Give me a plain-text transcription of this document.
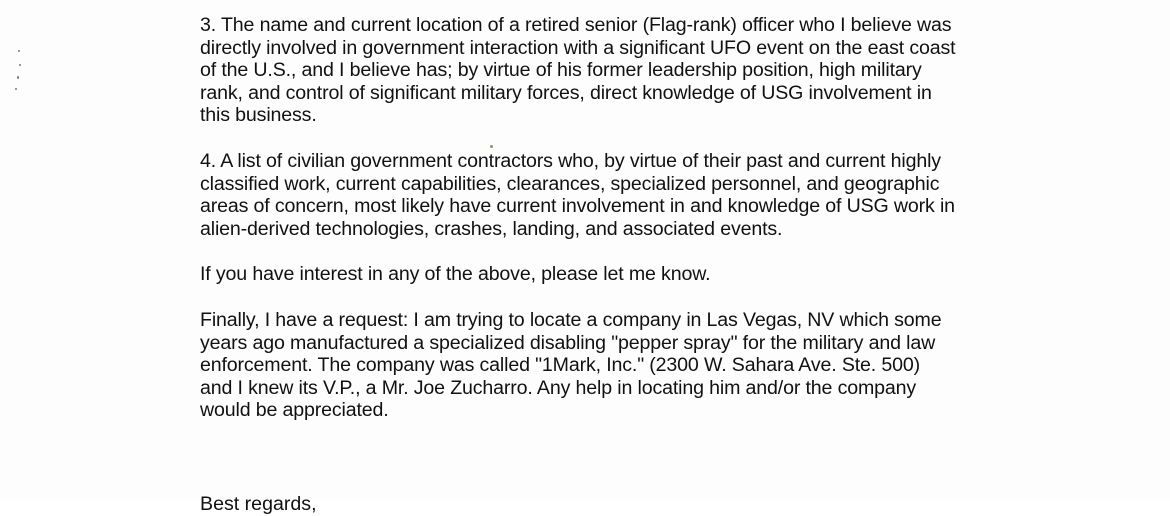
3. The name and current location of a retired senior (Flag-rank) officer who I believe was
directly involved in government interaction with a significant UFO event on the east coast
of the U.S., and I believe has; by virtue of his former leadership position, high military
rank, and control of significant military forces, direct knowledge of USG involvement in
this business.
4. A list of civilian government contractors who, by virtue of their past and current highly
classified work, current capabilities, clearances, specialized personnel, and geographic
areas of concern, most likely have current involvement in and knowledge of USG work in
alien-derived technologies, crashes, landing, and associated events.
If you have interest in any of the above, please let me know.
Finally, I have a request: I am trying to locate a company in Las Vegas, NV which some
years ago manufactured a specialized disabling "pepper spray" for the military and law
enforcement. The company was called "1Mark, Inc." (2300 W. Sahara Ave. Ste. 500)
and I knew its V.P., a Mr. Joe Zucharro. Any help in locating him and/or the company
would be appreciated.
Best regards,
